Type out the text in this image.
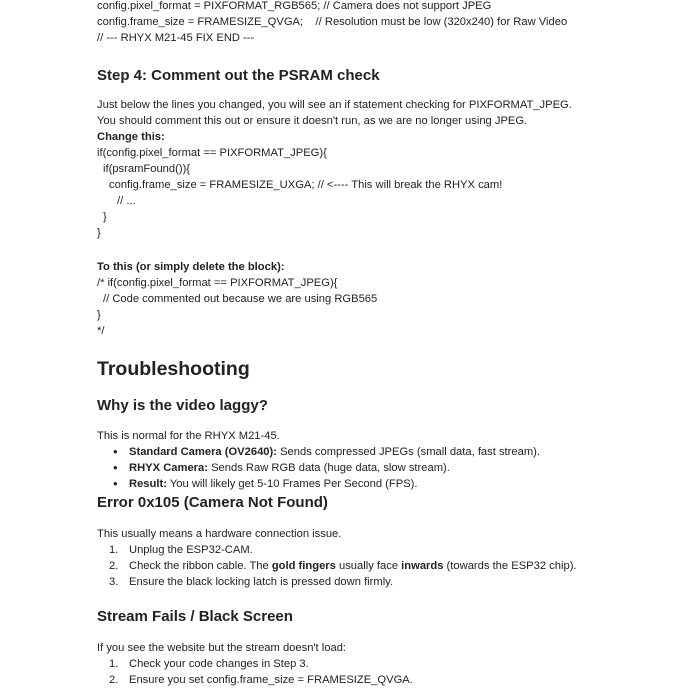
config.pixel_format = PIXFORMAT_RGB565; // Camera does not support JPEG

config.frame_size = FRAMESIZE_QVGA;    // Resolution must be low (320x240) for Raw Video

// --- RHYX M21-45 FIX END ---

Step 4: Comment out the PSRAM check

Just below the lines you changed, you will see an if statement checking for PIXFORMAT_JPEG.

You should comment this out or ensure it doesn't run, as we are no longer using JPEG.

Change this:

if(config.pixel_format == PIXFORMAT_JPEG){

if(psramFound()){

config.frame_size = FRAMESIZE_UXGA; // <---- This will break the RHYX cam!

// ...

}

}

To this (or simply delete the block):

/* if(config.pixel_format == PIXFORMAT_JPEG){

// Code commented out because we are using RGB565

}

*/

Troubleshooting
Why is the video laggy?

This is normal for the RHYX M21-45.

• Standard Camera (OV2640): Sends compressed JPEGs (small data, fast stream).
• RHYX Camera: Sends Raw RGB data (huge data, slow stream).
• Result: You will likely get 5-10 Frames Per Second (FPS).
Error 0x105 (Camera Not Found)

This usually means a hardware connection issue.

1. Unplug the ESP32-CAM.
2. Check the ribbon cable. The gold fingers usually face inwards (towards the ESP32 chip).
3. Ensure the black locking latch is pressed down firmly.
Stream Fails / Black Screen

If you see the website but the stream doesn't load:

1. Check your code changes in Step 3.
2. Ensure you set config.frame_size = FRAMESIZE_QVGA.
